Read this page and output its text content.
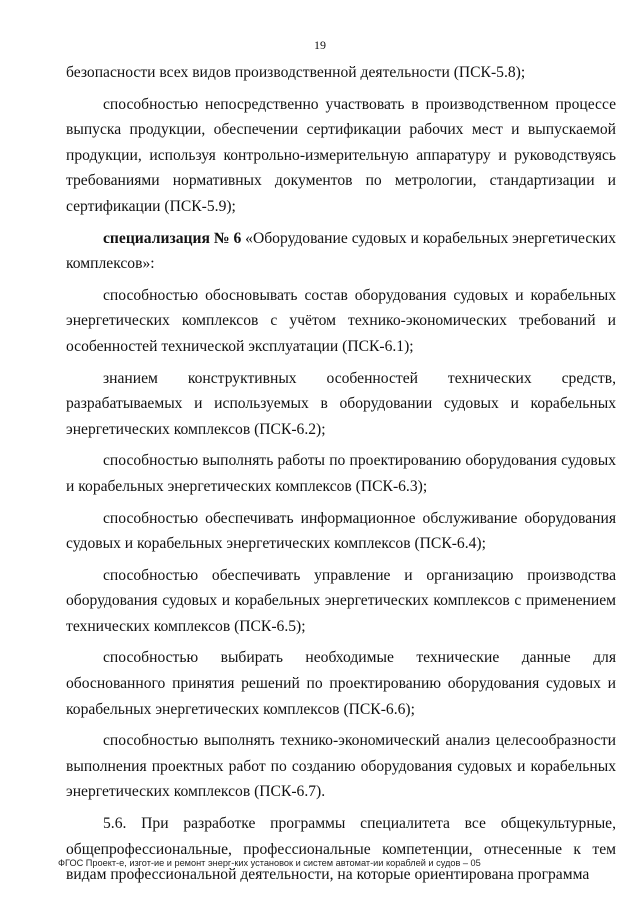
19

безопасности всех видов производственной деятельности (ПСК-5.8);

способностью непосредственно участвовать в производственном процессе выпуска продукции, обеспечении сертификации рабочих мест и выпускаемой продукции, используя контрольно-измерительную аппаратуру и руководствуясь требованиями нормативных документов по метрологии, стандартизации и сертификации (ПСК-5.9);

специализация № 6 «Оборудование судовых и корабельных энергетических комплексов»:

способностью обосновывать состав оборудования судовых и корабельных энергетических комплексов с учётом технико-экономических требований и особенностей технической эксплуатации (ПСК-6.1);

знанием конструктивных особенностей технических средств, разрабатываемых и используемых в оборудовании судовых и корабельных энергетических комплексов (ПСК-6.2);

способностью выполнять работы по проектированию оборудования судовых и корабельных энергетических комплексов (ПСК-6.3);

способностью обеспечивать информационное обслуживание оборудования судовых и корабельных энергетических комплексов (ПСК-6.4);

способностью обеспечивать управление и организацию производства оборудования судовых и корабельных энергетических комплексов с применением технических комплексов (ПСК-6.5);

способностью выбирать необходимые технические данные для обоснованного принятия решений по проектированию оборудования судовых и корабельных энергетических комплексов (ПСК-6.6);

способностью выполнять технико-экономический анализ целесообразности выполнения проектных работ по созданию оборудования судовых и корабельных энергетических комплексов (ПСК-6.7).

5.6. При разработке программы специалитета все общекультурные, общепрофессиональные, профессиональные компетенции, отнесенные к тем видам профессиональной деятельности, на которые ориентирована программа

ФГОС Проект-е, изгот-ие и ремонт энерг-ких установок и систем автомат-ии кораблей и судов – 05
